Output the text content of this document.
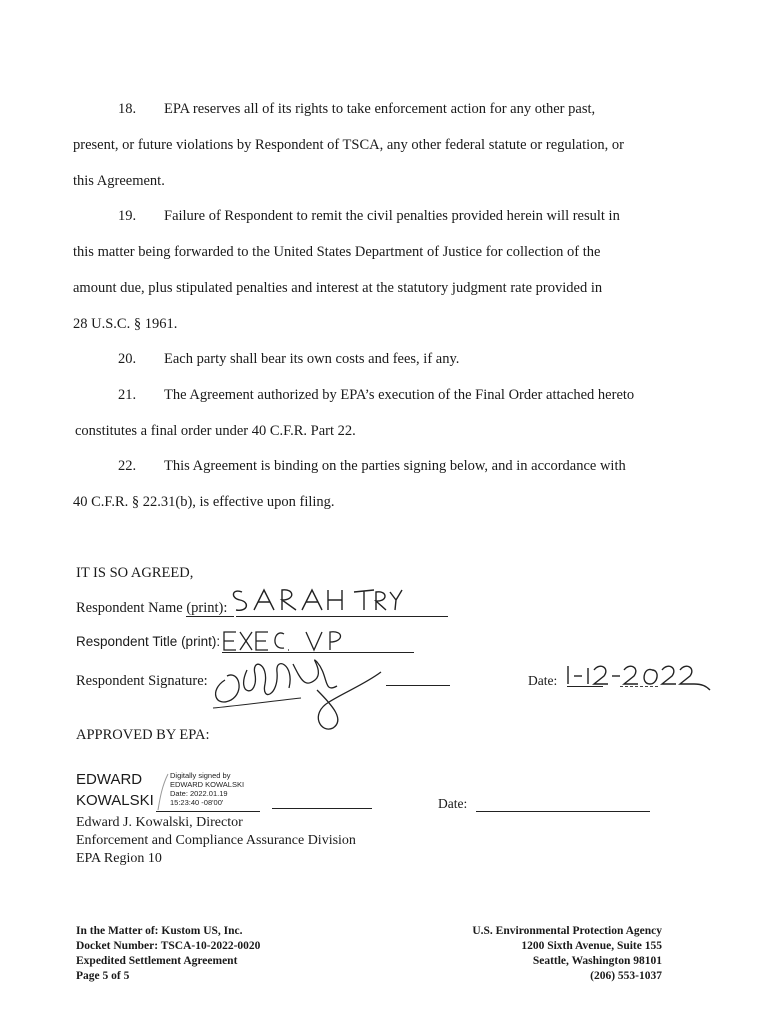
18. EPA reserves all of its rights to take enforcement action for any other past,
present, or future violations by Respondent of TSCA, any other federal statute or regulation, or
this Agreement.
19. Failure of Respondent to remit the civil penalties provided herein will result in
this matter being forwarded to the United States Department of Justice for collection of the
amount due, plus stipulated penalties and interest at the statutory judgment rate provided in
28 U.S.C. § 1961.
20. Each party shall bear its own costs and fees, if any.
21. The Agreement authorized by EPA’s execution of the Final Order attached hereto
constitutes a final order under 40 C.F.R. Part 22.
22. This Agreement is binding on the parties signing below, and in accordance with
40 C.F.R. § 22.31(b), is effective upon filing.
IT IS SO AGREED,
Respondent Name (print):
Respondent Title (print):
Respondent Signature:	Date:
APPROVED BY EPA:
EDWARD
KOWALSKI
Digitally signed by
EDWARD KOWALSKI
Date: 2022.01.19
15:23:40 -08'00'	Date:
Edward J. Kowalski, Director
Enforcement and Compliance Assurance Division
EPA Region 10
In the Matter of: Kustom US, Inc.
Docket Number: TSCA-10-2022-0020
Expedited Settlement Agreement
Page 5 of 5
U.S. Environmental Protection Agency
1200 Sixth Avenue, Suite 155
Seattle, Washington 98101
(206) 553-1037
